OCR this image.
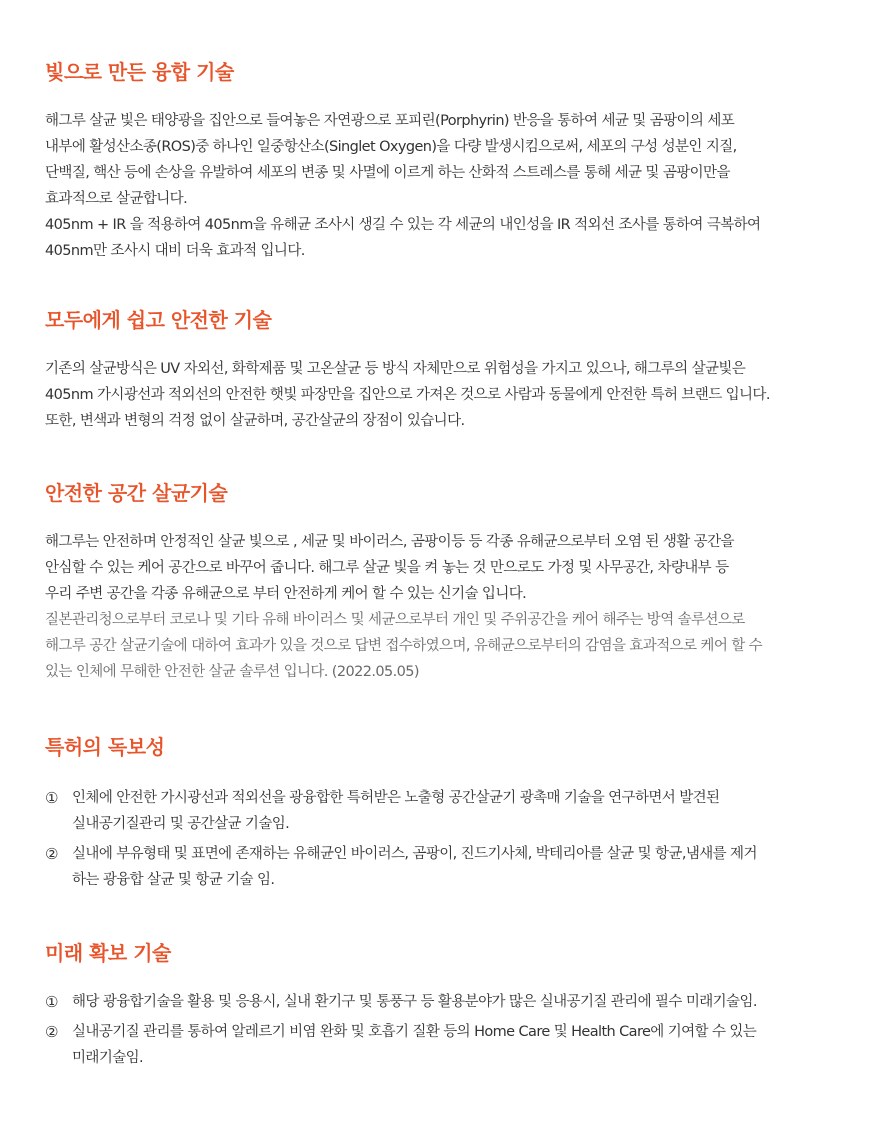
빛으로 만든 융합 기술
해그루 살균 빛은 태양광을 집안으로 들여놓은 자연광으로 포피린(Porphyrin) 반응을 통하여 세균 및 곰팡이의 세포
내부에 활성산소종(ROS)중 하나인 일중항산소(Singlet Oxygen)을 다량 발생시킴으로써, 세포의 구성 성분인 지질,
단백질, 핵산 등에 손상을 유발하여 세포의 변종 및 사멸에 이르게 하는 산화적 스트레스를 통해 세균 및 곰팡이만을
효과적으로 살균합니다.
405nm + IR 을 적용하여 405nm을 유해균 조사시 생길 수 있는 각 세균의 내인성을 IR 적외선 조사를 통하여 극복하여
405nm만 조사시 대비 더욱 효과적 입니다.
모두에게 쉽고 안전한 기술
기존의 살균방식은 UV 자외선, 화학제품 및 고온살균 등 방식 자체만으로 위험성을 가지고 있으나, 해그루의 살균빛은
405nm 가시광선과 적외선의 안전한 햇빛 파장만을 집안으로 가져온 것으로 사람과 동물에게 안전한 특허 브랜드 입니다.
또한, 변색과 변형의 걱정 없이 살균하며, 공간살균의 장점이 있습니다.
안전한 공간 살균기술
해그루는 안전하며 안정적인 살균 빛으로 , 세균 및 바이러스, 곰팡이등 등 각종 유해균으로부터 오염 된 생활 공간을
안심할 수 있는 케어 공간으로 바꾸어 줍니다. 해그루 살균 빛을 켜 놓는 것 만으로도 가정 및 사무공간, 차량내부 등
우리 주변 공간을 각종 유해균으로 부터 안전하게 케어 할 수 있는 신기술 입니다.
질본관리청으로부터 코로나 및 기타 유해 바이러스 및 세균으로부터 개인 및 주위공간을 케어 해주는 방역 솔루션으로
해그루 공간 살균기술에 대하여 효과가 있을 것으로 답변 접수하였으며, 유해균으로부터의 감염을 효과적으로 케어 할 수
있는 인체에 무해한 안전한 살균 솔루션 입니다. (2022.05.05)
특허의 독보성
① 인체에 안전한 가시광선과 적외선을 광융합한 특허받은 노출형 공간살균기 광촉매 기술을 연구하면서 발견된
실내공기질관리 및 공간살균 기술임.
② 실내에 부유형태 및 표면에 존재하는 유해균인 바이러스, 곰팡이, 진드기사체, 박테리아를 살균 및 항균,냄새를 제거
하는 광융합 살균 및 항균 기술 임.
미래 확보 기술
① 해당 광융합기술을 활용 및 응용시, 실내 환기구 및 통풍구 등 활용분야가 많은 실내공기질 관리에 필수 미래기술임.
② 실내공기질 관리를 통하여 알레르기 비염 완화 및 호흡기 질환 등의 Home Care 및 Health Care에 기여할 수 있는
미래기술임.
